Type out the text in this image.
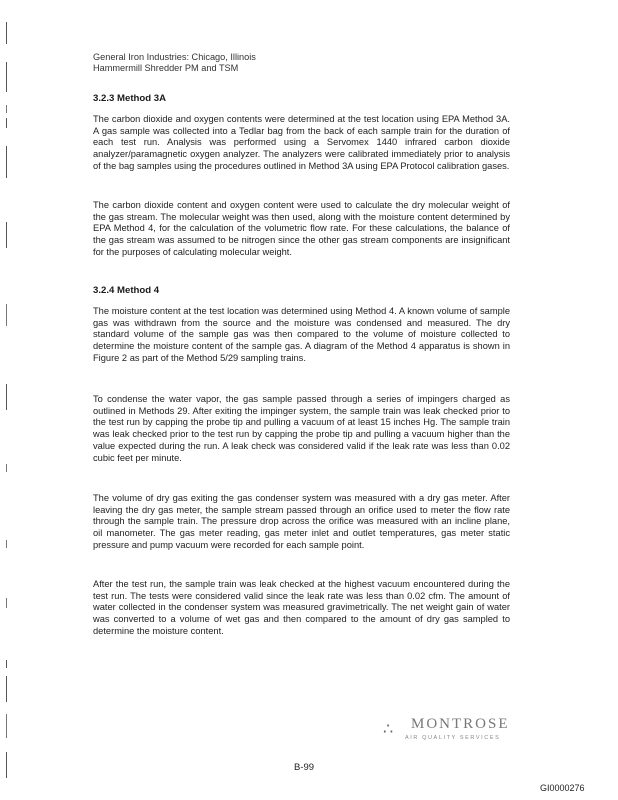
General Iron Industries: Chicago, Illinois
Hammermill Shredder PM and TSM
3.2.3 Method 3A

The carbon dioxide and oxygen contents were determined at the test location using EPA Method 3A. A gas sample was collected into a Tedlar bag from the back of each sample train for the duration of each test run. Analysis was performed using a Servomex 1440 infrared carbon dioxide analyzer/paramagnetic oxygen analyzer. The analyzers were calibrated immediately prior to analysis of the bag samples using the procedures outlined in Method 3A using EPA Protocol calibration gases.

The carbon dioxide content and oxygen content were used to calculate the dry molecular weight of the gas stream. The molecular weight was then used, along with the moisture content determined by EPA Method 4, for the calculation of the volumetric flow rate. For these calculations, the balance of the gas stream was assumed to be nitrogen since the other gas stream components are insignificant for the purposes of calculating molecular weight.

3.2.4 Method 4

The moisture content at the test location was determined using Method 4. A known volume of sample gas was withdrawn from the source and the moisture was condensed and measured. The dry standard volume of the sample gas was then compared to the volume of moisture collected to determine the moisture content of the sample gas. A diagram of the Method 4 apparatus is shown in Figure 2 as part of the Method 5/29 sampling trains.

To condense the water vapor, the gas sample passed through a series of impingers charged as outlined in Methods 29. After exiting the impinger system, the sample train was leak checked prior to the test run by capping the probe tip and pulling a vacuum of at least 15 inches Hg. The sample train was leak checked prior to the test run by capping the probe tip and pulling a vacuum higher than the value expected during the run. A leak check was considered valid if the leak rate was less than 0.02 cubic feet per minute.

The volume of dry gas exiting the gas condenser system was measured with a dry gas meter. After leaving the dry gas meter, the sample stream passed through an orifice used to meter the flow rate through the sample train. The pressure drop across the orifice was measured with an incline plane, oil manometer. The gas meter reading, gas meter inlet and outlet temperatures, gas meter static pressure and pump vacuum were recorded for each sample point.

After the test run, the sample train was leak checked at the highest vacuum encountered during the test run. The tests were considered valid since the leak rate was less than 0.02 cfm. The amount of water collected in the condenser system was measured gravimetrically. The net weight gain of water was converted to a volume of wet gas and then compared to the amount of dry gas sampled to determine the moisture content.

∴ MONTROSE
AIR QUALITY SERVICES
B-99
GI0000276
